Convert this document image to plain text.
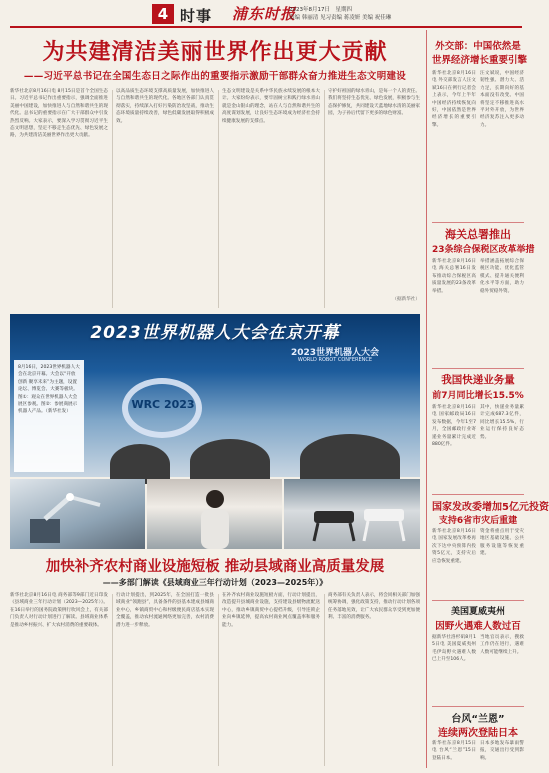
4 时事 浦东时报
2023年8月17日　星期四
责编 韩丽清 见习责编 蒋凌妍 美编 祝佳琳
为共建清洁美丽世界作出更大贡献
——习近平总书记在全国生态日之际作出的重要指示激励干部群众奋力推进生态文明建设
新华社北京8月16日电 8月15日是首个全国生态日。习近平总书记作出重要指示，强调全面推进美丽中国建设，加快推进人与自然和谐共生的现代化。总书记的重要指示在广大干部群众中引发热烈反响。大家表示，要深入学习贯彻习近平生态文明思想，坚定不移走生态优先、绿色发展之路，为共建清洁美丽世界作出更大贡献。
以高品质生态环境支撑高质量发展，加快推进人与自然和谐共生的现代化。各地区各部门认真贯彻落实，持续深入打好污染防治攻坚战，推动生态环境质量持续改善，绿色低碳发展取得积极成效。
生态文明建设是关系中华民族永续发展的根本大计。大家纷纷表示，要牢固树立和践行绿水青山就是金山银山的理念，站在人与自然和谐共生的高度谋划发展，让良好生态环境成为经济社会持续健康发展的支撑点。
守护好祖国的绿水青山，是每一个人的责任。我们将坚持生态优先、绿色发展，积极参与生态保护修复，共同建设天蓝地绿水清的美丽家园，为子孙后代留下更多的绿色财富。
（据新华社）
2023世界机器人大会在京开幕
2023世界机器人大会
WORLD ROBOT CONFERENCE
WRC 2023
8月16日，2023世界机器人大会在北京开幕。大会以“开放创新 聚享未来”为主题，设置论坛、博览会、大赛等板块。图①：观众在世界机器人大会展区参观。图②：参展商展示机器人产品。（新华社发）
加快补齐农村商业设施短板 推动县域商业高质量发展
——多部门解读《县域商业三年行动计划（2023—2025年）》
新华社北京8月16日电 商务部等9部门近日印发《县域商业三年行动计划（2023—2025年）》。在16日举行的国务院政策例行吹风会上，有关部门负责人对行动计划进行了解读。县域商业体系是推动乡村振兴、扩大农村消费的重要载体。
行动计划提出，到2025年，在全国打造一批县域商业“领跑县”，具备条件的县基本建成县城商业中心，乡镇商贸中心和村级便民商店基本实现全覆盖，推动农村流通网络更加完善，农村消费潜力进一步释放。
在补齐农村商业设施短板方面，行动计划提出，改造提升县城商业设施，支持建设县级物流配送中心，推动乡镇商贸中心提档升级，引导连锁企业向乡镇延伸，提高农村商业网点覆盖率和服务能力。
商务部有关负责人表示，将会同相关部门加强统筹协调，强化政策支持，推动行动计划各项任务落地见效，让广大农民群众享受到更加便利、丰富的消费服务。
外交部：中国依然是
世界经济增长重要引擎
新华社北京8月16日电 外交部发言人汪文斌16日在例行记者会上表示，今年上半年中国经济持续恢复向好，中国依然是世界经济增长的重要引擎。
汪文斌说，中国经济韧性强、潜力大、活力足，长期向好的基本面没有改变。中国将坚定不移推进高水平对外开放，为世界经济复苏注入更多动力。
海关总署推出
23条综合保税区改革举措
新华社北京8月16日电 海关总署16日发布推动综合保税区高质量发展的23条改革举措。
举措涵盖拓展综合保税区功能、优化监管模式、提升通关便利化水平等方面，助力稳外贸稳外资。
我国快递业务量
前7月同比增长15.5%
新华社北京8月16日电 国家邮政局16日发布数据，今年1至7月，全国邮政行业寄递业务量累计完成近880亿件。
其中，快递业务量累计完成687.3亿件，同比增长15.5%，行业运行保持良好态势。
国家发改委增加5亿元投资
支持6省市灾后重建
新华社北京8月16日电 国家发展改革委再次下达中央预算内投资5亿元，支持灾后应急恢复重建。
资金将重点用于受灾地区基础设施、公共服务设施等恢复重建。
美国夏威夷州
因野火遇难人数过百
据新华社洛杉矶8月15日电 美国夏威夷州毛伊岛野火遇难人数已上升至106人。
当地官员表示，搜救工作仍在进行，遇难人数可能继续上升。
台风“兰恩”
连续两次登陆日本
新华社东京8月15日电 台风“兰恩”15日登陆日本。
日本多地发布暴雨警报，交通出行受到影响。
